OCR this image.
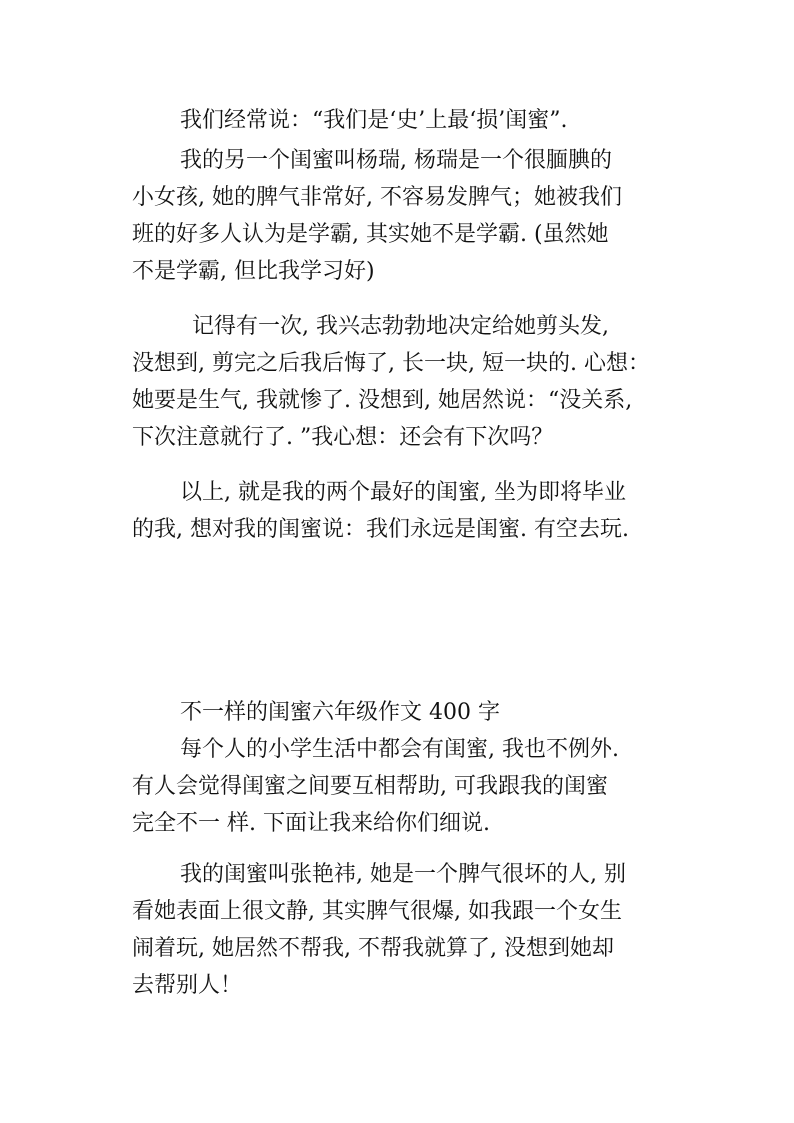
我们经常说：“我们是‘史’上最‘损’闺蜜”.
我的另一个闺蜜叫杨瑞, 杨瑞是一个很腼腆的
小女孩, 她的脾气非常好, 不容易发脾气；她被我们
班的好多人认为是学霸, 其实她不是学霸. (虽然她
不是学霸, 但比我学习好)
记得有一次, 我兴志勃勃地决定给她剪头发,
没想到, 剪完之后我后悔了, 长一块, 短一块的. 心想：
她要是生气, 我就惨了. 没想到, 她居然说：“没关系,
下次注意就行了. ”我心想：还会有下次吗？
以上, 就是我的两个最好的闺蜜, 坐为即将毕业
的我, 想对我的闺蜜说：我们永远是闺蜜. 有空去玩.
不一样的闺蜜六年级作文 400 字
每个人的小学生活中都会有闺蜜, 我也不例外.
有人会觉得闺蜜之间要互相帮助, 可我跟我的闺蜜
完全不一 样. 下面让我来给你们细说.
我的闺蜜叫张艳祎, 她是一个脾气很坏的人, 别
看她表面上很文静, 其实脾气很爆, 如我跟一个女生
闹着玩, 她居然不帮我, 不帮我就算了, 没想到她却
去帮别人！
